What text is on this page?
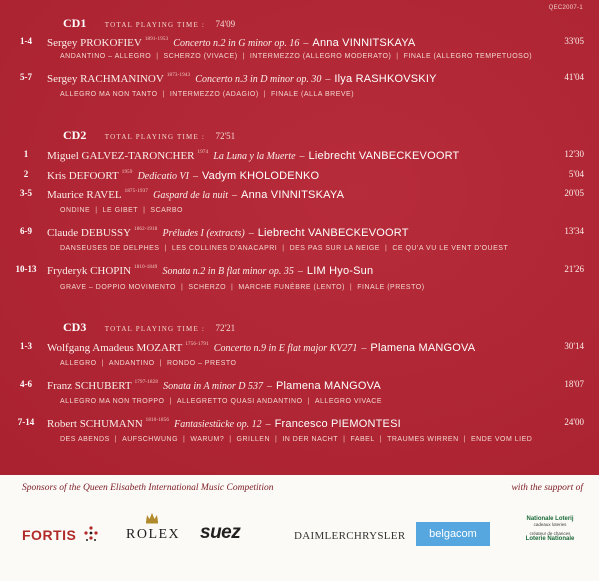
QEC2007-1
CD1	TOTAL PLAYING TIME : 74'09
1-4	Sergey PROKOFIEV $^{1891-1953}$ Concerto n.2 in G minor op. 16 – Anna VINNITSKAYA	33'05
ANDANTINO – ALLEGRO | SCHERZO (VIVACE) | INTERMEZZO (ALLEGRO MODERATO) | FINALE (ALLEGRO TEMPETUOSO)
5-7	Sergey RACHMANINOV $^{1873-1943}$ Concerto n.3 in D minor op. 30 – Ilya RASHKOVSKIY	41'04
ALLEGRO MA NON TANTO | INTERMEZZO (ADAGIO) | FINALE (ALLA BREVE)
CD2	TOTAL PLAYING TIME : 72'51
1	Miguel GALVEZ-TARONCHER $^{1974}$ La Luna y la Muerte – Liebrecht VANBECKEVOORT	12'30
2	Kris DEFOORT $^{1959}$ Dedicatio VI – Vadym KHOLODENKO	5'04
3-5	Maurice RAVEL $^{1875-1937}$ Gaspard de la nuit – Anna VINNITSKAYA	20'05
ONDINE | LE GIBET | SCARBO
6-9	Claude DEBUSSY $^{1862-1918}$ Préludes I (extracts) – Liebrecht VANBECKEVOORT	13'34
DANSEUSES DE DELPHES | LES COLLINES D'ANACAPRI | DES PAS SUR LA NEIGE | CE QU'A VU LE VENT D'OUEST
10-13 Fryderyk CHOPIN $^{1810-1849}$ Sonata n.2 in B flat minor op. 35 – LIM Hyo-Sun	21'26
GRAVE – DOPPIO MOVIMENTO | SCHERZO | MARCHE FUNÈBRE (LENTO) | FINALE (PRESTO)
CD3	TOTAL PLAYING TIME : 72'21
1-3	Wolfgang Amadeus MOZART $^{1756-1791}$ Concerto n.9 in E flat major KV271 – Plamena MANGOVA	30'14
ALLEGRO | ANDANTINO | RONDO – PRESTO
4-6	Franz SCHUBERT $^{1797-1828}$ Sonata in A minor D 537 – Plamena MANGOVA	18'07
ALLEGRO MA NON TROPPO | ALLEGRETTO QUASI ANDANTINO | ALLEGRO VIVACE
7-14	Robert SCHUMANN $^{1810-1856}$ Fantasiestücke op. 12 – Francesco PIEMONTESI	24'00
DES ABENDS | AUFSCHWUNG | WARUM? | GRILLEN | IN DER NACHT | FABEL | TRAUMES WIRREN | ENDE VOM LIED
Sponsors of the Queen Elisabeth International Music Competition	with the support of
FORTIS	ROLEX suez	DAIMLERCHRYSLER	belgacom
Nationale Loterij
cadeaux loteries
créateur de chances
Loterie Nationale
